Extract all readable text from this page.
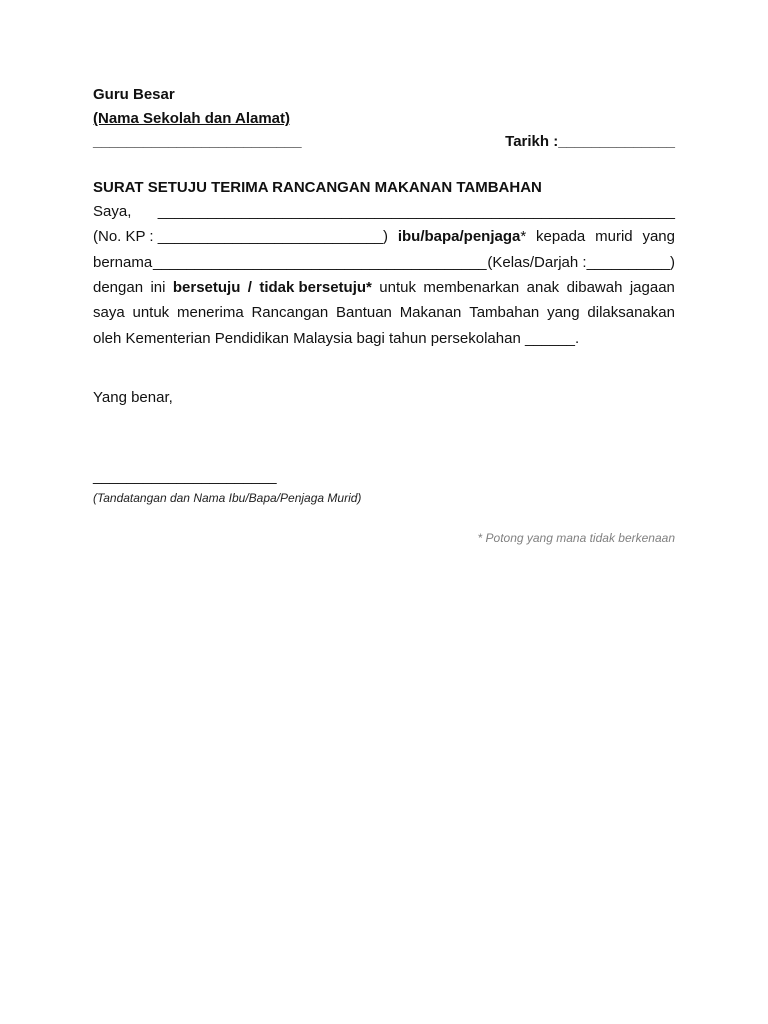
Guru Besar
(Nama Sekolah dan Alamat)
_________________________	Tarikh :______________
SURAT SETUJU TERIMA RANCANGAN MAKANAN TAMBAHAN
Saya, ______________________________________________________________
(No. KP : ___________________________) ibu/bapa/penjaga* kepada murid yang
bernama ________________________________________ (Kelas/Darjah :__________)
dengan ini bersetuju / tidak bersetuju* untuk membenarkan anak dibawah jagaan
saya untuk menerima Rancangan Bantuan Makanan Tambahan yang dilaksanakan
oleh Kementerian Pendidikan Malaysia bagi tahun persekolahan ______.
Yang benar,
______________________
(Tandatangan dan Nama Ibu/Bapa/Penjaga Murid)
* Potong yang mana tidak berkenaan
